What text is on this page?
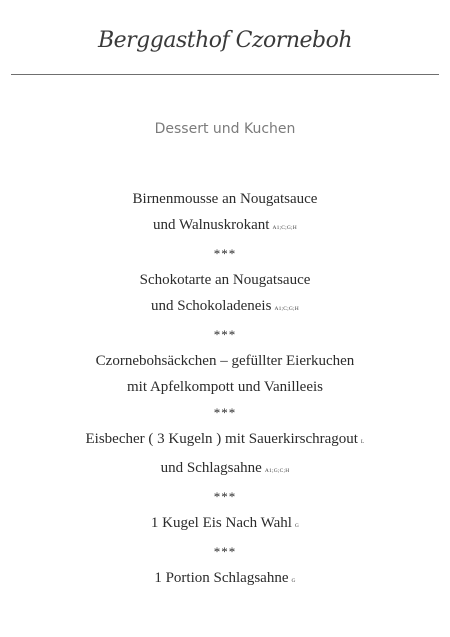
Berggasthof Czorneboh
Dessert und Kuchen
Birnenmousse an Nougatsauce
und Walnuskrokant A1;C;G;H
***
Schokotarte an Nougatsauce
und Schokoladeneis A1;C;G;H
***
Czornebohsäckchen – gefüllter Eierkuchen
mit Apfelkompott und Vanilleeis
***
Eisbecher ( 3 Kugeln ) mit Sauerkirschragout L
und Schlagsahne A1;G;C;H
***
1 Kugel Eis Nach Wahl G
***
1 Portion Schlagsahne G
